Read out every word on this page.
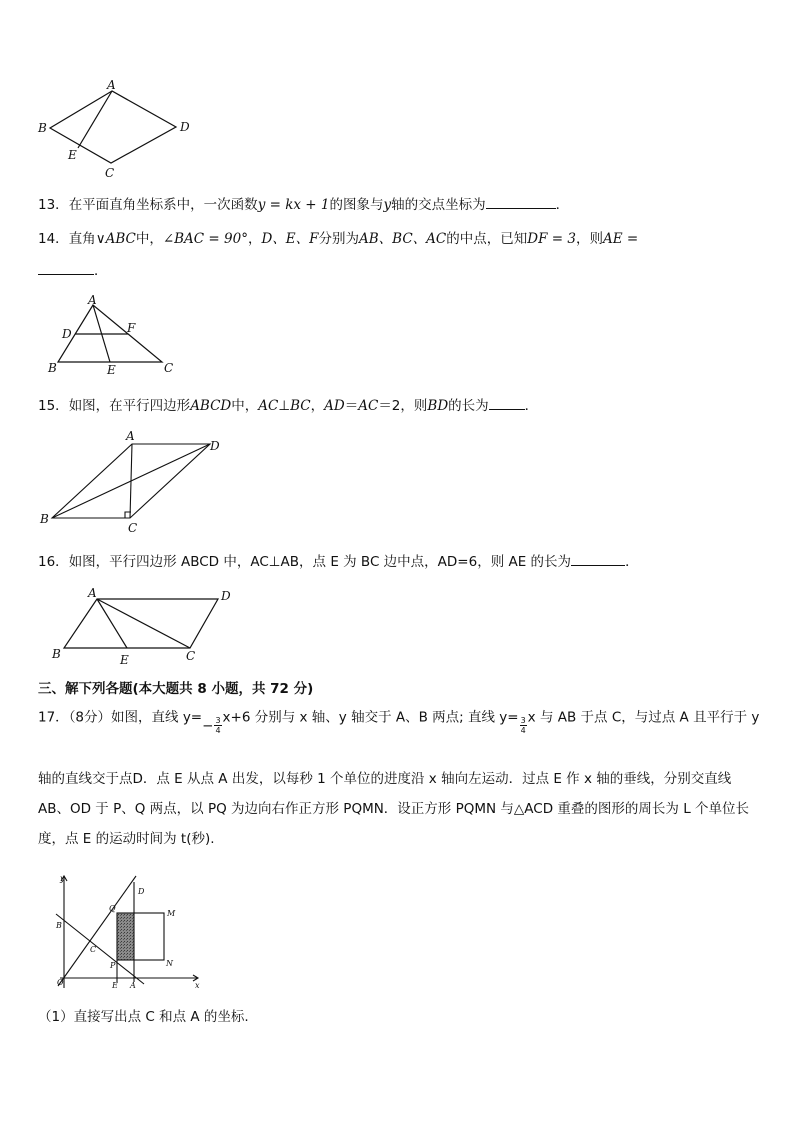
A
B
E
C
D
13．在平面直角坐标系中，一次函数y = kx + 1的图象与y轴的交点坐标为	．
14．直角∨ABC中，∠BAC = 90°，D、E、F分别为AB、BC、AC的中点，已知DF = 3，则AE =
．
A
D	F
B	E	C
15．如图，在平行四边形ABCD中，AC⊥BC，AD＝AC＝2，则BD的长为	．
A
D
B
C
16．如图，平行四边形 ABCD 中，AC⊥AB，点 E 为 BC 边中点，AD=6，则 AE 的长为	．
A	D
B	E	C
三、解下列各题(本大题共 8 小题，共 72 分)
17．（8分）如图，直线 $y=- \frac{3}{4} x+6$ 分别与 x 轴、y 轴交于 A、B 两点; 直线 $y= \frac{3}{4}$ x 与 AB 于点 C，与过点 A 且平行于 y
轴的直线交于点D．点 E 从点 A 出发，以每秒 1 个单位的进度沿 x 轴向左运动．过点 E 作 x 轴的垂线，分别交直线
AB、OD 于 P、Q 两点，以 PQ 为边向右作正方形 PQMN．设正方形 PQMN 与△ACD 重叠的图形的周长为 L 个单位长
度，点 E 的运动时间为 t(秒).
y
x
O
B
C
D
Q
M
P	N
E A
（1）直接写出点 C 和点 A 的坐标.
